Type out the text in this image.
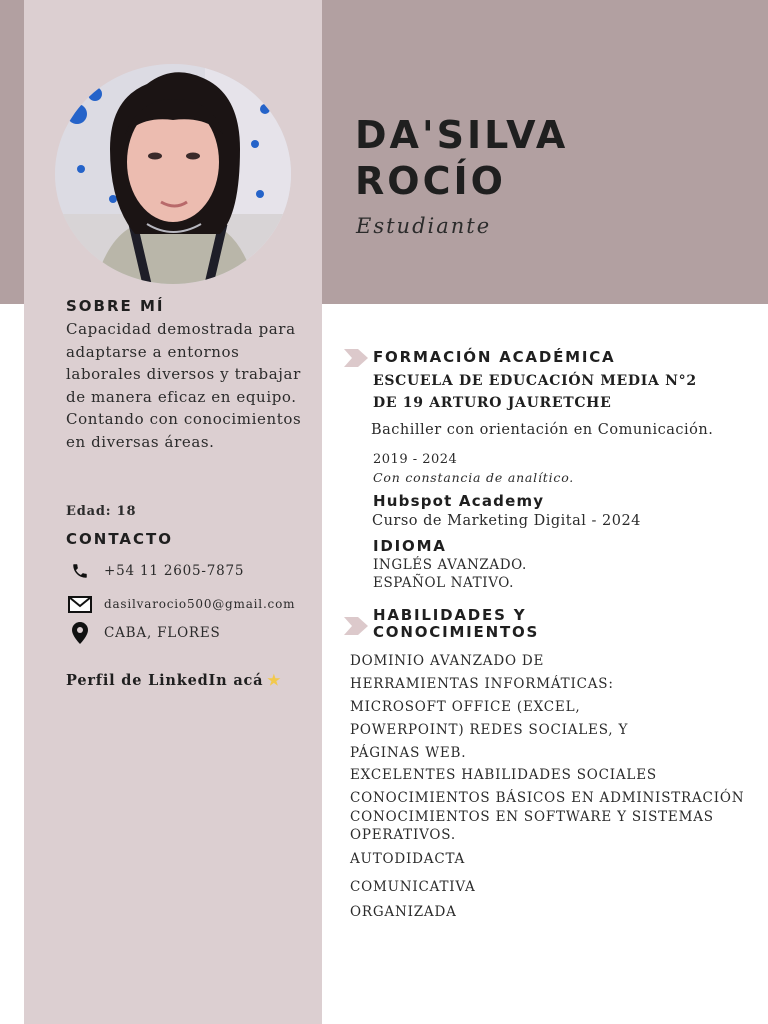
DA'SILVA
ROCÍO
Estudiante
SOBRE MÍ
Capacidad demostrada para adaptarse a entornos laborales diversos y trabajar de manera eficaz en equipo. Contando con conocimientos en diversas áreas.
Edad: 18
CONTACTO
+54 11 2605-7875
dasilvarocio500@gmail.com
CABA, FLORES
Perfil de LinkedIn acá ★
FORMACIÓN ACADÉMICA
ESCUELA DE EDUCACIÓN MEDIA N°2
DE 19 ARTURO JAURETCHE
Bachiller con orientación en Comunicación.
2019 - 2024
Con constancia de analítico.
Hubspot Academy
Curso de Marketing Digital - 2024
IDIOMA
INGLÉS AVANZADO.
ESPAÑOL NATIVO.
HABILIDADES Y
CONOCIMIENTOS
DOMINIO AVANZADO DE
HERRAMIENTAS INFORMÁTICAS:
MICROSOFT OFFICE (EXCEL,
POWERPOINT) REDES SOCIALES, Y
PÁGINAS WEB.
EXCELENTES HABILIDADES SOCIALES
CONOCIMIENTOS BÁSICOS EN ADMINISTRACIÓN
CONOCIMIENTOS EN SOFTWARE Y SISTEMAS OPERATIVOS.
AUTODIDACTA
COMUNICATIVA
ORGANIZADA
